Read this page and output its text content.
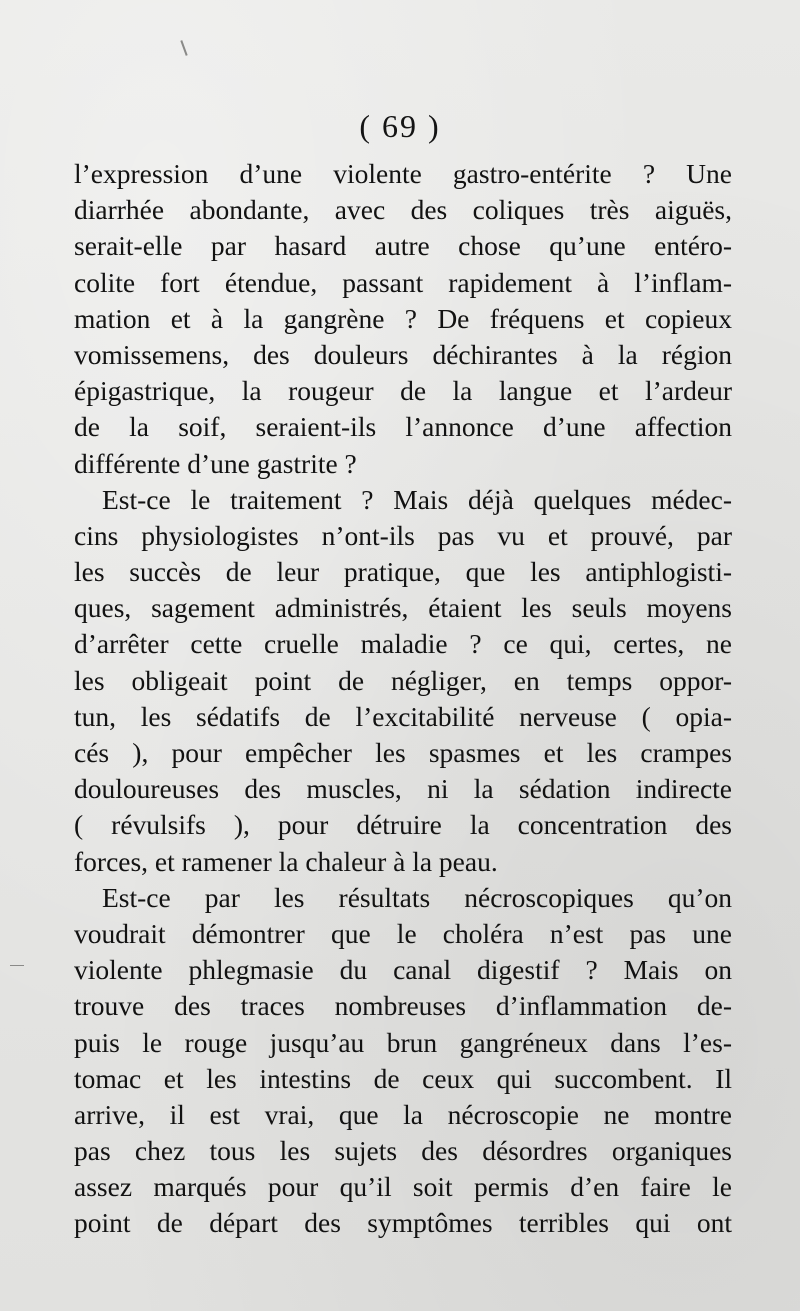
( 69 )
l’expression d’une violente gastro-entérite ? Une
diarrhée abondante, avec des coliques très aiguës,
serait-elle par hasard autre chose qu’une entéro-
colite fort étendue, passant rapidement à l’inflam-
mation et à la gangrène ? De fréquens et copieux
vomissemens, des douleurs déchirantes à la région
épigastrique, la rougeur de la langue et l’ardeur
de la soif, seraient-ils l’annonce d’une affection
différente d’une gastrite ?
Est-ce le traitement ? Mais déjà quelques médec-
cins physiologistes n’ont-ils pas vu et prouvé, par
les succès de leur pratique, que les antiphlogisti-
ques, sagement administrés, étaient les seuls moyens
d’arrêter cette cruelle maladie ? ce qui, certes, ne
les obligeait point de négliger, en temps oppor-
tun, les sédatifs de l’excitabilité nerveuse ( opia-
cés ), pour empêcher les spasmes et les crampes
douloureuses des muscles, ni la sédation indirecte
( révulsifs ), pour détruire la concentration des
forces, et ramener la chaleur à la peau.
Est-ce par les résultats nécroscopiques qu’on
voudrait démontrer que le choléra n’est pas une
violente phlegmasie du canal digestif ? Mais on
trouve des traces nombreuses d’inflammation de-
puis le rouge jusqu’au brun gangréneux dans l’es-
tomac et les intestins de ceux qui succombent. Il
arrive, il est vrai, que la nécroscopie ne montre
pas chez tous les sujets des désordres organiques
assez marqués pour qu’il soit permis d’en faire le
point de départ des symptômes terribles qui ont
